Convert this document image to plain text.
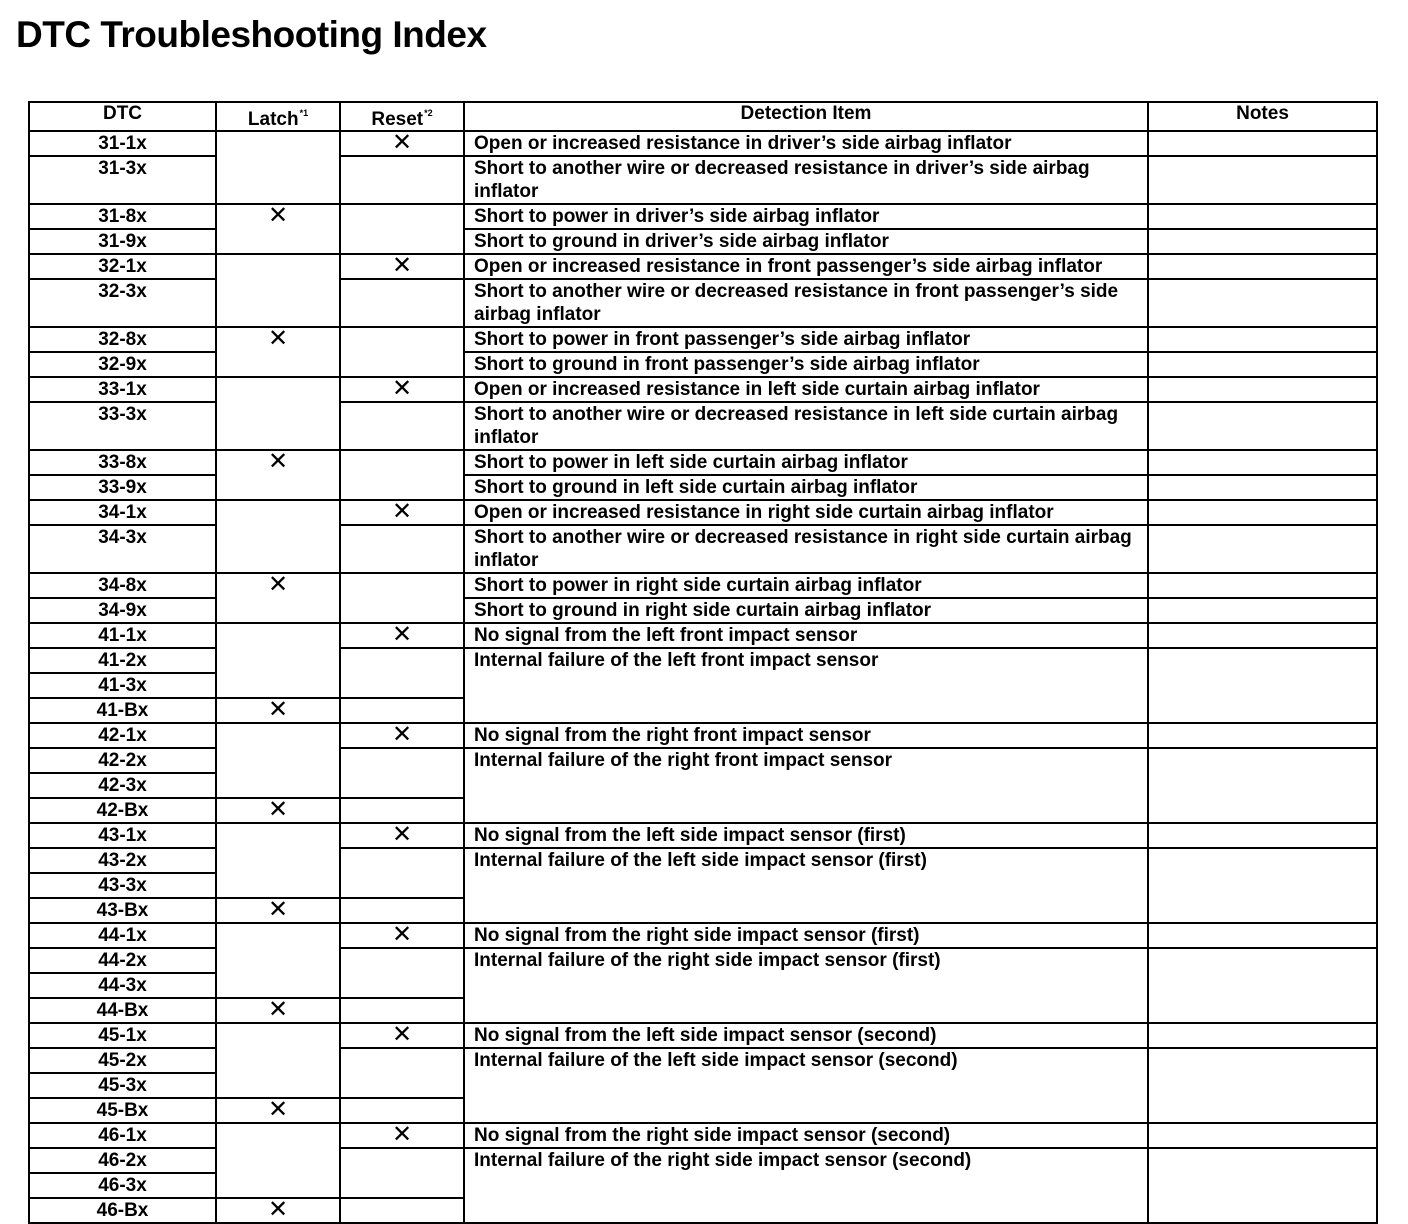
DTC Troubleshooting Index
DTC	Latch$^{*1}$	Reset$^{*2}$	Detection Item	Notes
31-1x		✕	Open or increased resistance in driver’s side airbag inflator	
31-3x			Short to another wire or decreased resistance in driver’s side airbag inflator	
31-8x	✕		Short to power in driver’s side airbag inflator	
31-9x			Short to ground in driver’s side airbag inflator	
32-1x		✕	Open or increased resistance in front passenger’s side airbag inflator	
32-3x			Short to another wire or decreased resistance in front passenger’s side airbag inflator	
32-8x	✕		Short to power in front passenger’s side airbag inflator	
32-9x			Short to ground in front passenger’s side airbag inflator	
33-1x		✕	Open or increased resistance in left side curtain airbag inflator	
33-3x			Short to another wire or decreased resistance in left side curtain airbag inflator	
33-8x	✕		Short to power in left side curtain airbag inflator	
33-9x			Short to ground in left side curtain airbag inflator	
34-1x		✕	Open or increased resistance in right side curtain airbag inflator	
34-3x			Short to another wire or decreased resistance in right side curtain airbag inflator	
34-8x	✕		Short to power in right side curtain airbag inflator	
34-9x			Short to ground in right side curtain airbag inflator	
41-1x		✕	No signal from the left front impact sensor	
41-2x			Internal failure of the left front impact sensor	
41-3x				
41-Bx	✕			
42-1x		✕	No signal from the right front impact sensor	
42-2x			Internal failure of the right front impact sensor	
42-3x				
42-Bx	✕			
43-1x		✕	No signal from the left side impact sensor (first)	
43-2x			Internal failure of the left side impact sensor (first)	
43-3x				
43-Bx	✕			
44-1x		✕	No signal from the right side impact sensor (first)	
44-2x			Internal failure of the right side impact sensor (first)	
44-3x				
44-Bx	✕			
45-1x		✕	No signal from the left side impact sensor (second)	
45-2x			Internal failure of the left side impact sensor (second)	
45-3x				
45-Bx	✕			
46-1x		✕	No signal from the right side impact sensor (second)	
46-2x			Internal failure of the right side impact sensor (second)	
46-3x				
46-Bx	✕			
